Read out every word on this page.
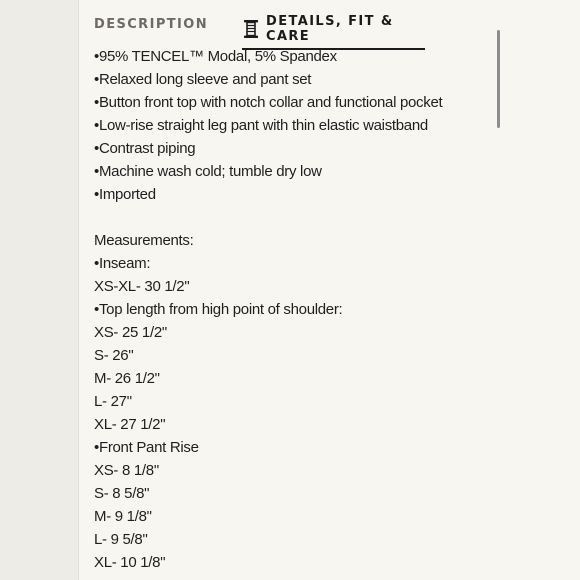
DESCRIPTION	DETAILS, FIT & CARE
•95% TENCEL™ Modal, 5% Spandex
•Relaxed long sleeve and pant set
•Button front top with notch collar and functional pocket
•Low-rise straight leg pant with thin elastic waistband
•Contrast piping
•Machine wash cold; tumble dry low
•Imported
Measurements:
•Inseam:
XS-XL- 30 1/2"
•Top length from high point of shoulder:
XS- 25 1/2"
S- 26"
M- 26 1/2"
L- 27"
XL- 27 1/2"
•Front Pant Rise
XS- 8 1/8"
S- 8 5/8"
M- 9 1/8"
L- 9 5/8"
XL- 10 1/8"
